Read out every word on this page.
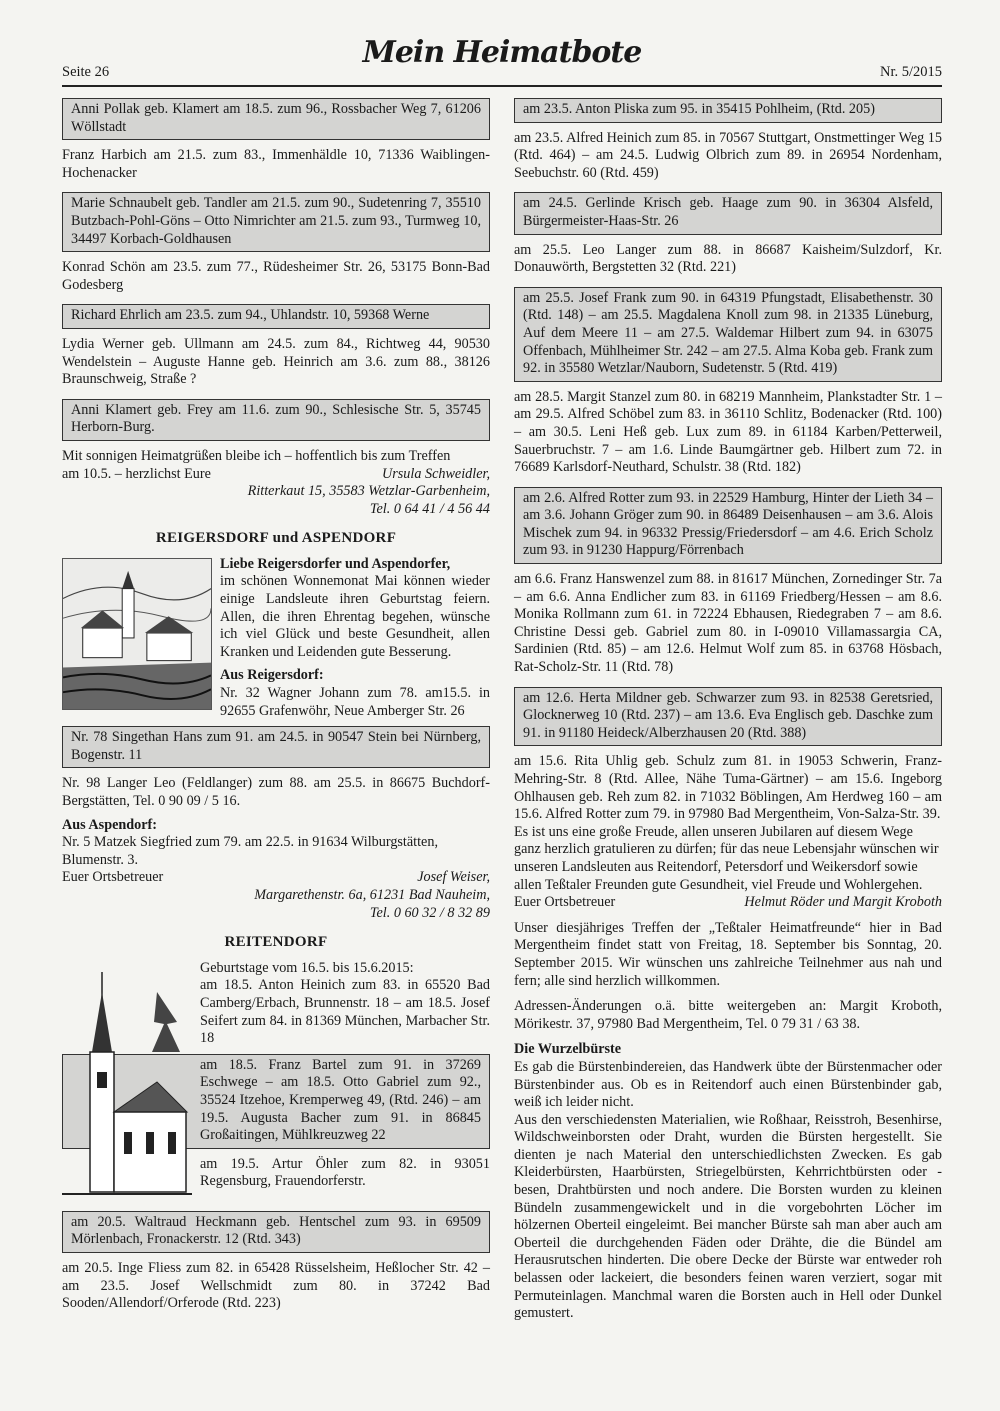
Seite 26
Mein Heimatbote
Nr. 5/2015
Anni Pollak geb. Klamert am 18.5. zum 96., Rossbacher Weg 7, 61206 Wöllstadt

Franz Harbich am 21.5. zum 83., Immenhäldle 10, 71336 Waiblingen-Hochenacker

Marie Schnaubelt geb. Tandler am 21.5. zum 90., Sudetenring 7, 35510 Butzbach-Pohl-Göns – Otto Nimrichter am 21.5. zum 93., Turmweg 10, 34497 Korbach-Goldhausen

Konrad Schön am 23.5. zum 77., Rüdesheimer Str. 26, 53175 Bonn-Bad Godesberg

Richard Ehrlich am 23.5. zum 94., Uhlandstr. 10, 59368 Werne

Lydia Werner geb. Ullmann am 24.5. zum 84., Richtweg 44, 90530 Wendelstein – Auguste Hanne geb. Heinrich am 3.6. zum 88., 38126 Braunschweig, Straße ?

Anni Klamert geb. Frey am 11.6. zum 90., Schlesische Str. 5, 35745 Herborn-Burg.
Mit sonnigen Heimatgrüßen bleibe ich – hoffentlich bis zum Treffen
am 10.5. – herzlichst Eure	Ursula Schweidler,
Ritterkaut 15, 35583 Wetzlar-Garbenheim,
Tel. 0 64 41 / 4 56 44
REIGERSDORF und ASPENDORF
Liebe Reigersdorfer und Aspendorfer,

im schönen Wonnemonat Mai können wieder einige Landsleute ihren Geburtstag feiern. Allen, die ihren Ehrentag begehen, wünsche ich viel Glück und beste Gesundheit, allen Kranken und Leidenden gute Besserung.

Aus Reigersdorf:

Nr. 32 Wagner Johann zum 78. am15.5. in 92655 Grafenwöhr, Neue Amberger Str. 26

Nr. 78 Singethan Hans zum 91. am 24.5. in 90547 Stein bei Nürnberg, Bogenstr. 11

Nr. 98 Langer Leo (Feldlanger) zum 88. am 25.5. in 86675 Buchdorf-Bergstätten, Tel. 0 90 09 / 5 16.

Aus Aspendorf:
Nr. 5 Matzek Siegfried zum 79. am 22.5. in 91634 Wilburgstätten, Blumenstr. 3.
Euer Ortsbetreuer	Josef Weiser,
Margarethenstr. 6a, 61231 Bad Nauheim,
Tel. 0 60 32 / 8 32 89
REITENDORF
Geburtstage vom 16.5. bis 15.6.2015:

am 18.5. Anton Heinich zum 83. in 65520 Bad Camberg/Erbach, Brunnenstr. 18 – am 18.5. Josef Seifert zum 84. in 81369 München, Marbacher Str. 18

am 18.5. Franz Bartel zum 91. in 37269 Eschwege – am 18.5. Otto Gabriel zum 92., 35524 Itzehoe, Kremperweg 49, (Rtd. 246) – am 19.5. Augusta Bacher zum 91. in 86845 Großaitingen, Mühlkreuzweg 22

am 19.5. Artur Öhler zum 82. in 93051 Regensburg, Frauendorferstr.

am 20.5. Waltraud Heckmann geb. Hentschel zum 93. in 69509 Mörlenbach, Fronackerstr. 12 (Rtd. 343)

am 20.5. Inge Fliess zum 82. in 65428 Rüsselsheim, Heßlocher Str. 42 – am 23.5. Josef Wellschmidt zum 80. in 37242 Bad Sooden/Allendorf/Orferode (Rtd. 223)

am 23.5. Anton Pliska zum 95. in 35415 Pohlheim, (Rtd. 205)

am 23.5. Alfred Heinich zum 85. in 70567 Stuttgart, Onstmettinger Weg 15 (Rtd. 464) – am 24.5. Ludwig Olbrich zum 89. in 26954 Nordenham, Seebuchstr. 60 (Rtd. 459)

am 24.5. Gerlinde Krisch geb. Haage zum 90. in 36304 Alsfeld, Bürgermeister-Haas-Str. 26

am 25.5. Leo Langer zum 88. in 86687 Kaisheim/Sulzdorf, Kr. Donauwörth, Bergstetten 32 (Rtd. 221)

am 25.5. Josef Frank zum 90. in 64319 Pfungstadt, Elisabethenstr. 30 (Rtd. 148) – am 25.5. Magdalena Knoll zum 98. in 21335 Lüneburg, Auf dem Meere 11 – am 27.5. Waldemar Hilbert zum 94. in 63075 Offenbach, Mühlheimer Str. 242 – am 27.5. Alma Koba geb. Frank zum 92. in 35580 Wetzlar/Nauborn, Sudetenstr. 5 (Rtd. 419)

am 28.5. Margit Stanzel zum 80. in 68219 Mannheim, Plankstadter Str. 1 – am 29.5. Alfred Schöbel zum 83. in 36110 Schlitz, Bodenacker (Rtd. 100) – am 30.5. Leni Heß geb. Lux zum 89. in 61184 Karben/Petterweil, Sauerbruchstr. 7 – am 1.6. Linde Baumgärtner geb. Hilbert zum 72. in 76689 Karlsdorf-Neuthard, Schulstr. 38 (Rtd. 182)

am 2.6. Alfred Rotter zum 93. in 22529 Hamburg, Hinter der Lieth 34 – am 3.6. Johann Gröger zum 90. in 86489 Deisenhausen – am 3.6. Alois Mischek zum 94. in 96332 Pressig/Friedersdorf – am 4.6. Erich Scholz zum 93. in 91230 Happurg/Förrenbach

am 6.6. Franz Hanswenzel zum 88. in 81617 München, Zornedinger Str. 7a – am 6.6. Anna Endlicher zum 83. in 61169 Friedberg/Hessen – am 8.6. Monika Rollmann zum 61. in 72224 Ebhausen, Riedegraben 7 – am 8.6. Christine Dessi geb. Gabriel zum 80. in I-09010 Villamassargia CA, Sardinien (Rtd. 85) – am 12.6. Helmut Wolf zum 85. in 63768 Hösbach, Rat-Scholz-Str. 11 (Rtd. 78)

am 12.6. Herta Mildner geb. Schwarzer zum 93. in 82538 Geretsried, Glocknerweg 10 (Rtd. 237) – am 13.6. Eva Englisch geb. Daschke zum 91. in 91180 Heideck/Alberzhausen 20 (Rtd. 388)
am 15.6. Rita Uhlig geb. Schulz zum 81. in 19053 Schwerin, Franz-Mehring-Str. 8 (Rtd. Allee, Nähe Tuma-Gärtner) – am 15.6. Ingeborg Ohlhausen geb. Reh zum 82. in 71032 Böblingen, Am Herdweg 160 – am 15.6. Alfred Rotter zum 79. in 97980 Bad Mergentheim, Von-Salza-Str. 39.
Es ist uns eine große Freude, allen unseren Jubilaren auf diesem Wege ganz herzlich gratulieren zu dürfen; für das neue Lebensjahr wünschen wir unseren Landsleuten aus Reitendorf, Petersdorf und Weikersdorf sowie allen Teßtaler Freunden gute Gesundheit, viel Freude und Wohlergehen. Euer Ortsbetreuer	Helmut Röder und Margit Kroboth

Unser diesjähriges Treffen der „Teßtaler Heimatfreunde“ hier in Bad Mergentheim findet statt von Freitag, 18. September bis Sonntag, 20. September 2015. Wir wünschen uns zahlreiche Teilnehmer aus nah und fern; alle sind herzlich willkommen.

Adressen-Änderungen o.ä. bitte weitergeben an: Margit Kroboth, Mörikestr. 37, 97980 Bad Mergentheim, Tel. 0 79 31 / 63 38.

Die Wurzelbürste
Es gab die Bürstenbindereien, das Handwerk übte der Bürstenmacher oder Bürstenbinder aus. Ob es in Reitendorf auch einen Bürstenbinder gab, weiß ich leider nicht.
Aus den verschiedensten Materialien, wie Roßhaar, Reisstroh, Besenhirse, Wildschweinborsten oder Draht, wurden die Bürsten hergestellt. Sie dienten je nach Material den unterschiedlichsten Zwecken. Es gab Kleiderbürsten, Haarbürsten, Striegelbürsten, Kehrrichtbürsten oder -besen, Drahtbürsten und noch andere. Die Borsten wurden zu kleinen Bündeln zusammengewickelt und in die vorgebohrten Löcher im hölzernen Oberteil eingeleimt. Bei mancher Bürste sah man aber auch am Oberteil die durchgehenden Fäden oder Drähte, die die Bündel am Herausrutschen hinderten. Die obere Decke der Bürste war entweder roh belassen oder lackeiert, die besonders feinen waren verziert, sogar mit Permuteinlagen. Manchmal waren die Borsten auch in Hell oder Dunkel gemustert.
